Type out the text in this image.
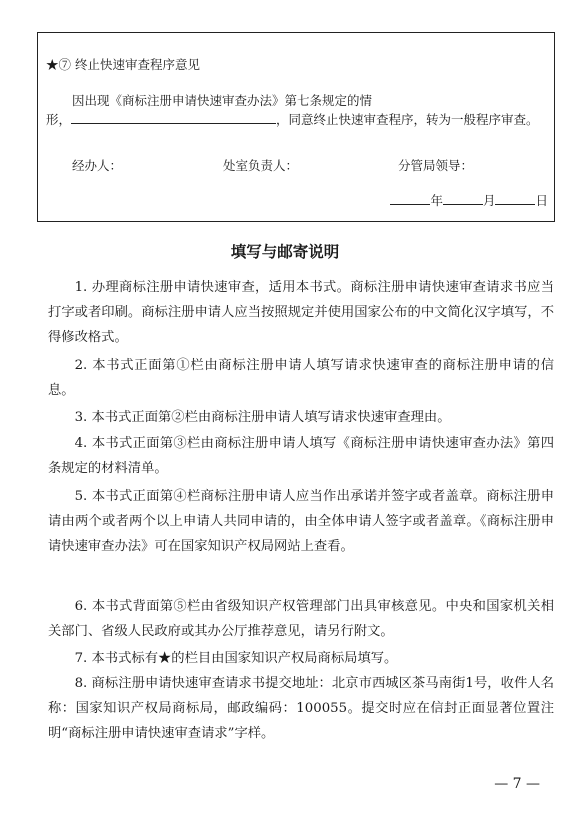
★⑦ 终止快速审查程序意见
因出现《商标注册申请快速审查办法》第七条规定的情
形，	，同意终止快速审查程序，转为一般程序审查。
经办人：	处室负责人：	分管局领导：
年	月	日
填写与邮寄说明

1. 办理商标注册申请快速审查，适用本书式。商标注册申请快速审查请求书应当打字或者印刷。商标注册申请人应当按照规定并使用国家公布的中文简化汉字填写，不得修改格式。

2. 本书式正面第①栏由商标注册申请人填写请求快速审查的商标注册申请的信息。

3. 本书式正面第②栏由商标注册申请人填写请求快速审查理由。

4. 本书式正面第③栏由商标注册申请人填写《商标注册申请快速审查办法》第四条规定的材料清单。

5. 本书式正面第④栏商标注册申请人应当作出承诺并签字或者盖章。商标注册申请由两个或者两个以上申请人共同申请的，由全体申请人签字或者盖章。《商标注册申请快速审查办法》可在国家知识产权局网站上查看。

6. 本书式背面第⑤栏由省级知识产权管理部门出具审核意见。中央和国家机关相关部门、省级人民政府或其办公厅推荐意见，请另行附文。

7. 本书式标有★的栏目由国家知识产权局商标局填写。

8. 商标注册申请快速审查请求书提交地址：北京市西城区茶马南街1号，收件人名称：国家知识产权局商标局，邮政编码：100055。提交时应在信封正面显著位置注明“商标注册申请快速审查请求”字样。

— 7 —
